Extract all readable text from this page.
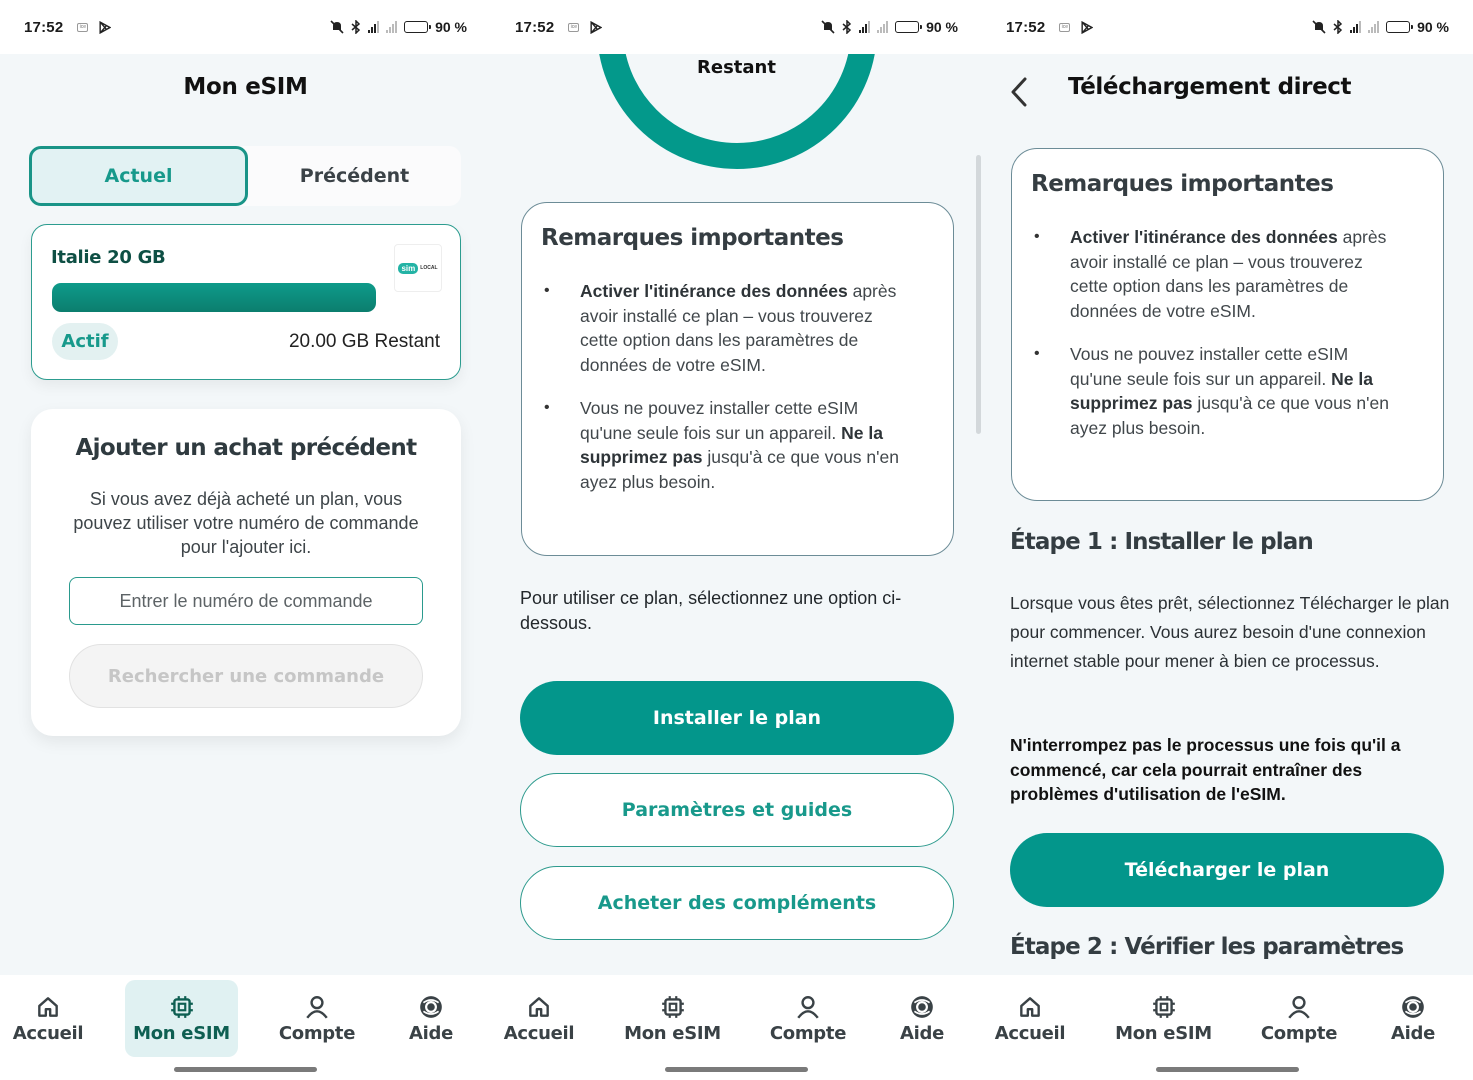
17:52	ice	90 %
Mon eSIM
Actuel	Précédent
Italie 20 GB	sim	LOCAL
Actif	20.00 GB Restant
Ajouter un achat précédent
Si vous avez déjà acheté un plan, vous pouvez utiliser votre numéro de commande pour l'ajouter ici.
Entrer le numéro de commande
Rechercher une commande
Accueil	Mon eSIM	Compte	Aide
Restant
17:52	ice	90 %
Remarques importantes
• Activer l'itinérance des données après avoir installé ce plan – vous trouverez cette option dans les paramètres de données de votre eSIM.
• Vous ne pouvez installer cette eSIM qu'une seule fois sur un appareil. Ne la supprimez pas jusqu'à ce que vous n'en ayez plus besoin.
Pour utiliser ce plan, sélectionnez une option ci-dessous.
Installer le plan
Paramètres et guides
Acheter des compléments
Accueil	Mon eSIM	Compte	Aide
17:52	ice	90 %
Téléchargement direct
Remarques importantes
• Activer l'itinérance des données après avoir installé ce plan – vous trouverez cette option dans les paramètres de données de votre eSIM.
• Vous ne pouvez installer cette eSIM qu'une seule fois sur un appareil. Ne la supprimez pas jusqu'à ce que vous n'en ayez plus besoin.
Étape 1 : Installer le plan
Lorsque vous êtes prêt, sélectionnez Télécharger le plan pour commencer. Vous aurez besoin d'une connexion internet stable pour mener à bien ce processus.
N'interrompez pas le processus une fois qu'il a commencé, car cela pourrait entraîner des problèmes d'utilisation de l'eSIM.
Télécharger le plan
Étape 2 : Vérifier les paramètres
Accueil	Mon eSIM	Compte	Aide
